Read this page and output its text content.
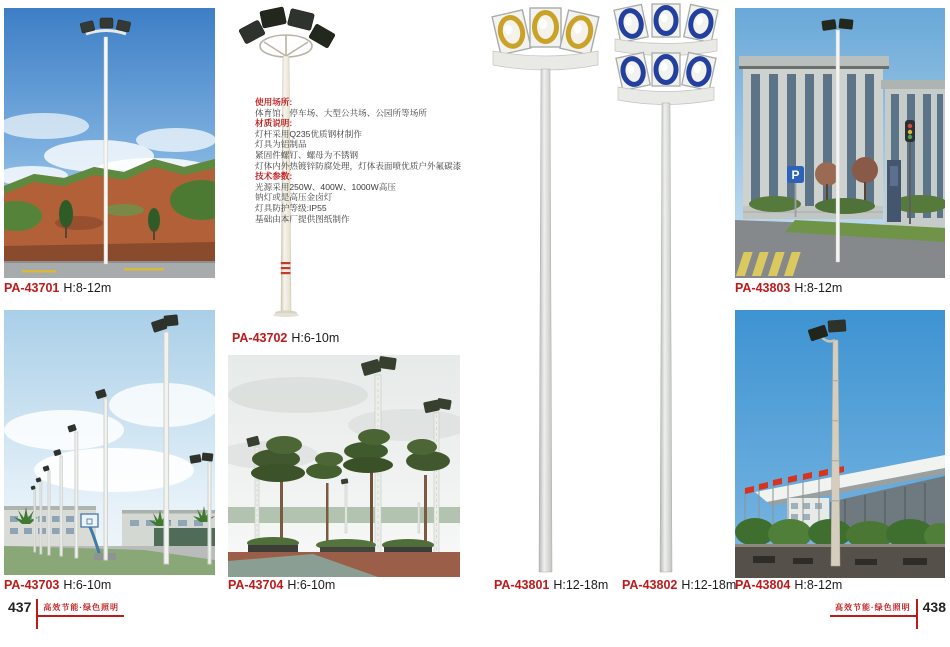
PA-43701 H:8-12m
PA-43702 H:6-10m
使用场所:
体育馆、停车场、大型公共场、公园所等场所
材质说明:
灯杆采用Q235优质钢材制作
灯具为铝制品
紧固件螺钉、螺母为不锈钢
灯体内外热镀锌防腐处理，灯体表面喷优质户外氟碳漆
技术参数:
光源采用250W、400W、1000W高压
钠灯或是高压金卤灯
灯具防护等级:IP55
基础由本厂提供图纸制作
PA-43703 H:6-10m	PA-43704 H:6-10m	PA-43801 H:12-18m PA-43802 H:12-18m
P
PA-43803 H:8-12m
PA-43804 H:8-12m
437	高效节能·绿色照明	高效节能·绿色照明 438
